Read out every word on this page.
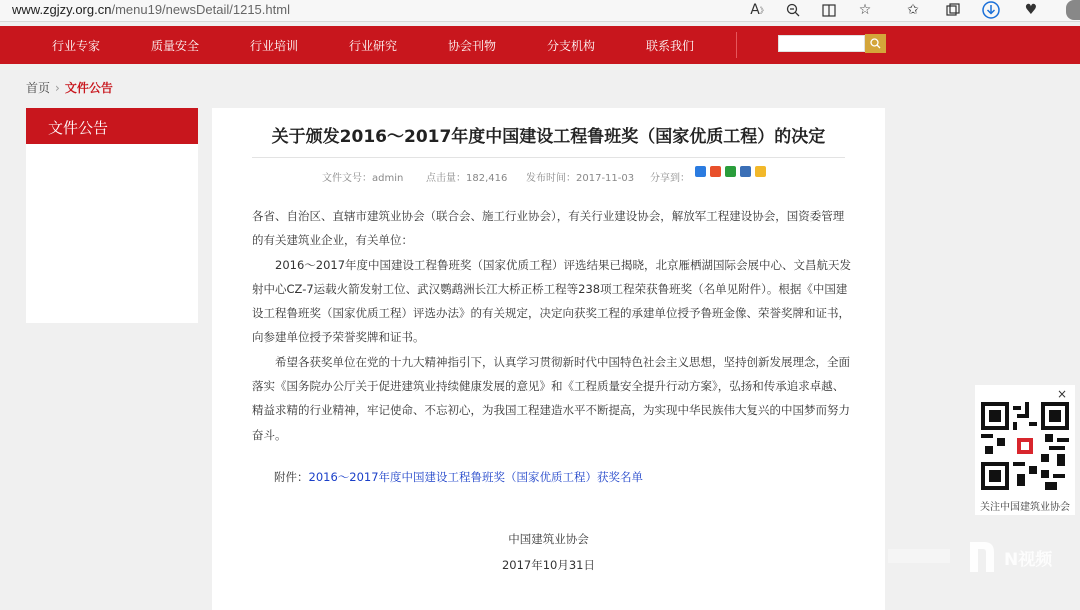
www.zgjzy.org.cn/menu19/newsDetail/1215.html	A 》	☆	✩	♥
行业专家	质量安全	行业培训	行业研究	协会刊物	分支机构	联系我们
首页 › 文件公告
文件公告	关于颁发2016～2017年度中国建设工程鲁班奖（国家优质工程）的决定
文件文号：admin 点击量：182,416 发布时间：2017-11-03 分享到：

各省、自治区、直辖市建筑业协会（联合会、施工行业协会），有关行业建设协会，解放军工程建设协会，国资委管理的有关建筑业企业，有关单位：

2016～2017年度中国建设工程鲁班奖（国家优质工程）评选结果已揭晓，北京雁栖湖国际会展中心、文昌航天发射中心CZ-7运载火箭发射工位、武汉鹦鹉洲长江大桥正桥工程等238项工程荣获鲁班奖（名单见附件）。根据《中国建设工程鲁班奖（国家优质工程）评选办法》的有关规定，决定向获奖工程的承建单位授予鲁班金像、荣誉奖牌和证书，向参建单位授予荣誉奖牌和证书。

希望各获奖单位在党的十九大精神指引下，认真学习贯彻新时代中国特色社会主义思想，坚持创新发展理念，全面落实《国务院办公厅关于促进建筑业持续健康发展的意见》和《工程质量安全提升行动方案》，弘扬和传承追求卓越、精益求精的行业精神，牢记使命、不忘初心，为我国工程建造水平不断提高，为实现中华民族伟大复兴的中国梦而努力奋斗。

附件：2016～2017年度中国建设工程鲁班奖（国家优质工程）获奖名单
中国建筑业协会
2017年10月31日
×
关注中国建筑业协会
N视频
